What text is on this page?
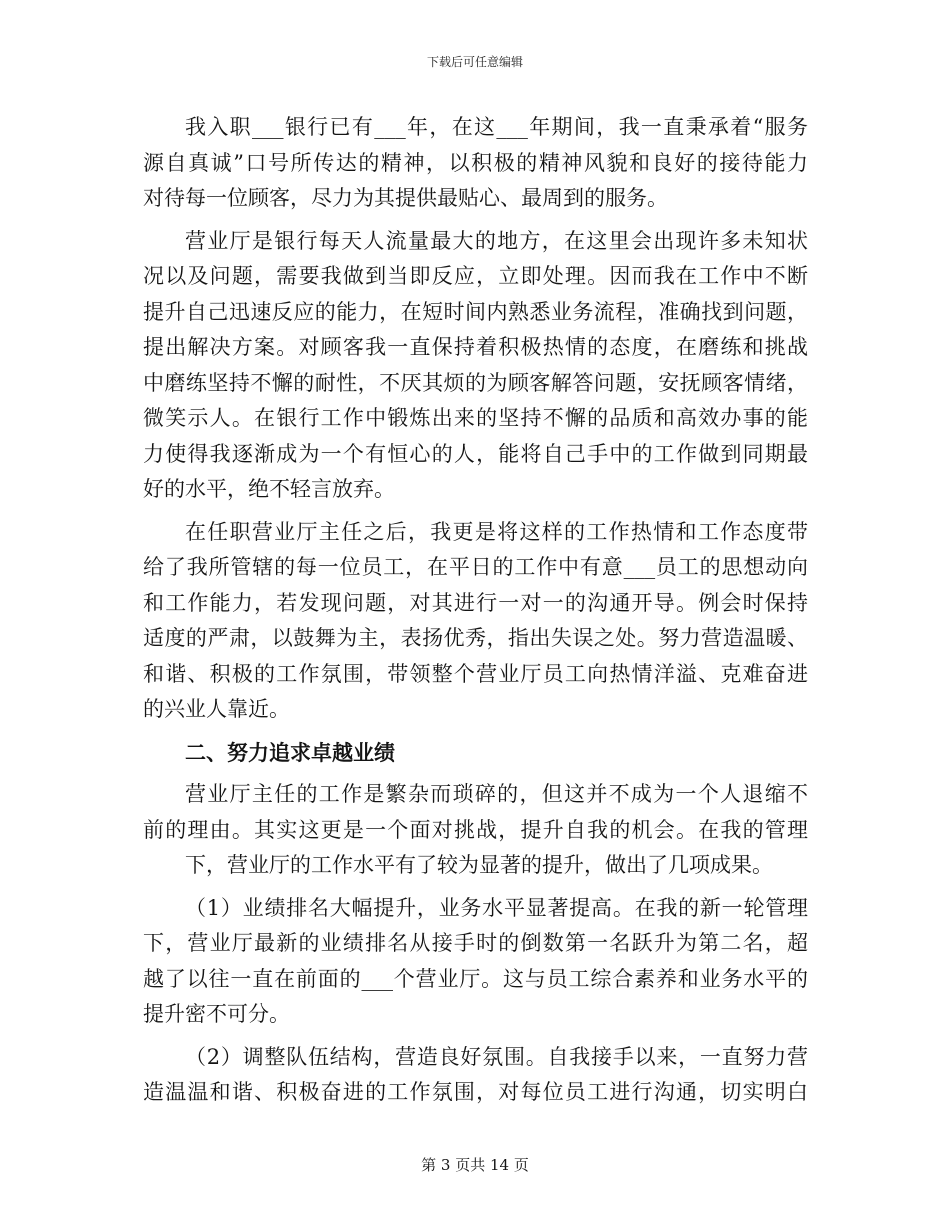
下载后可任意编辑
我入职___银行已有___年，在这___年期间，我一直秉承着“服务
源自真诚”口号所传达的精神，以积极的精神风貌和良好的接待能力
对待每一位顾客，尽力为其提供最贴心、最周到的服务。
营业厅是银行每天人流量最大的地方，在这里会出现许多未知状
况以及问题，需要我做到当即反应，立即处理。因而我在工作中不断
提升自己迅速反应的能力，在短时间内熟悉业务流程，准确找到问题，
提出解决方案。对顾客我一直保持着积极热情的态度，在磨练和挑战
中磨练坚持不懈的耐性，不厌其烦的为顾客解答问题，安抚顾客情绪，
微笑示人。在银行工作中锻炼出来的坚持不懈的品质和高效办事的能
力使得我逐渐成为一个有恒心的人，能将自己手中的工作做到同期最
好的水平，绝不轻言放弃。
在任职营业厅主任之后，我更是将这样的工作热情和工作态度带
给了我所管辖的每一位员工，在平日的工作中有意___员工的思想动向
和工作能力，若发现问题，对其进行一对一的沟通开导。例会时保持
适度的严肃，以鼓舞为主，表扬优秀，指出失误之处。努力营造温暖、
和谐、积极的工作氛围，带领整个营业厅员工向热情洋溢、克难奋进
的兴业人靠近。
二、努力追求卓越业绩
营业厅主任的工作是繁杂而琐碎的，但这并不成为一个人退缩不
前的理由。其实这更是一个面对挑战，提升自我的机会。在我的管理
下，营业厅的工作水平有了较为显著的提升，做出了几项成果。
（1）业绩排名大幅提升，业务水平显著提高。在我的新一轮管理
下，营业厅最新的业绩排名从接手时的倒数第一名跃升为第二名，超
越了以往一直在前面的___个营业厅。这与员工综合素养和业务水平的
提升密不可分。
（2）调整队伍结构，营造良好氛围。自我接手以来，一直努力营
造温温和谐、积极奋进的工作氛围，对每位员工进行沟通，切实明白
第 3 页共 14 页
